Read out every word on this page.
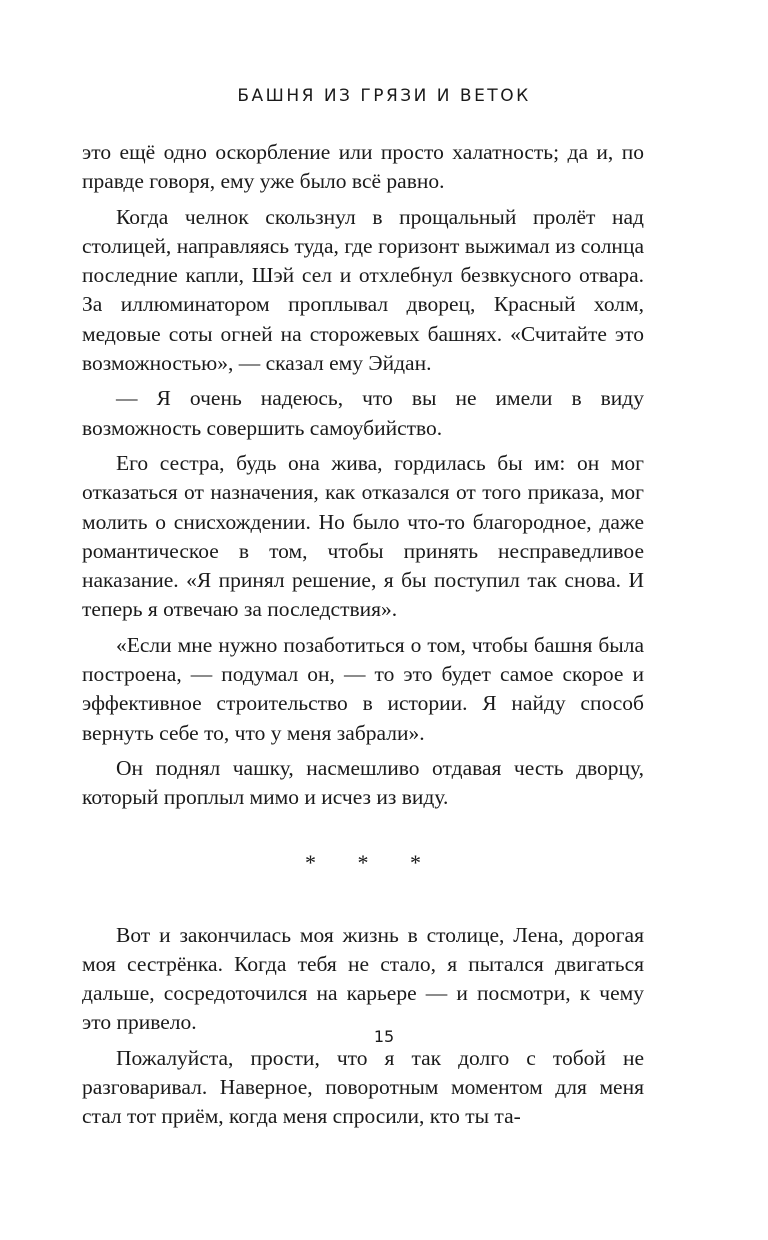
БАШНЯ ИЗ ГРЯЗИ И ВЕТОК

это ещё одно оскорбление или просто халатность; да и, по правде говоря, ему уже было всё равно.

Когда челнок скользнул в прощальный пролёт над столицей, направляясь туда, где горизонт выжимал из солнца последние капли, Шэй сел и отхлебнул безвкусного отвара. За иллюминатором проплывал дворец, Красный холм, медовые соты огней на сторожевых башнях. «Считайте это возможностью», — сказал ему Эйдан.

— Я очень надеюсь, что вы не имели в виду возможность совершить самоубийство.

Его сестра, будь она жива, гордилась бы им: он мог отказаться от назначения, как отказался от того приказа, мог молить о снисхождении. Но было что-то благородное, даже романтическое в том, чтобы принять несправедливое наказание. «Я принял решение, я бы поступил так снова. И теперь я отвечаю за последствия».

«Если мне нужно позаботиться о том, чтобы башня была построена, — подумал он, — то это будет самое скорое и эффективное строительство в истории. Я найду способ вернуть себе то, что у меня забрали».

Он поднял чашку, насмешливо отдавая честь дворцу, который проплыл мимо и исчез из виду.

* * *

Вот и закончилась моя жизнь в столице, Лена, дорогая моя сестрёнка. Когда тебя не стало, я пытался двигаться дальше, сосредоточился на карьере — и посмотри, к чему это привело.

Пожалуйста, прости, что я так долго с тобой не разговаривал. Наверное, поворотным моментом для меня стал тот приём, когда меня спросили, кто ты та-

15
